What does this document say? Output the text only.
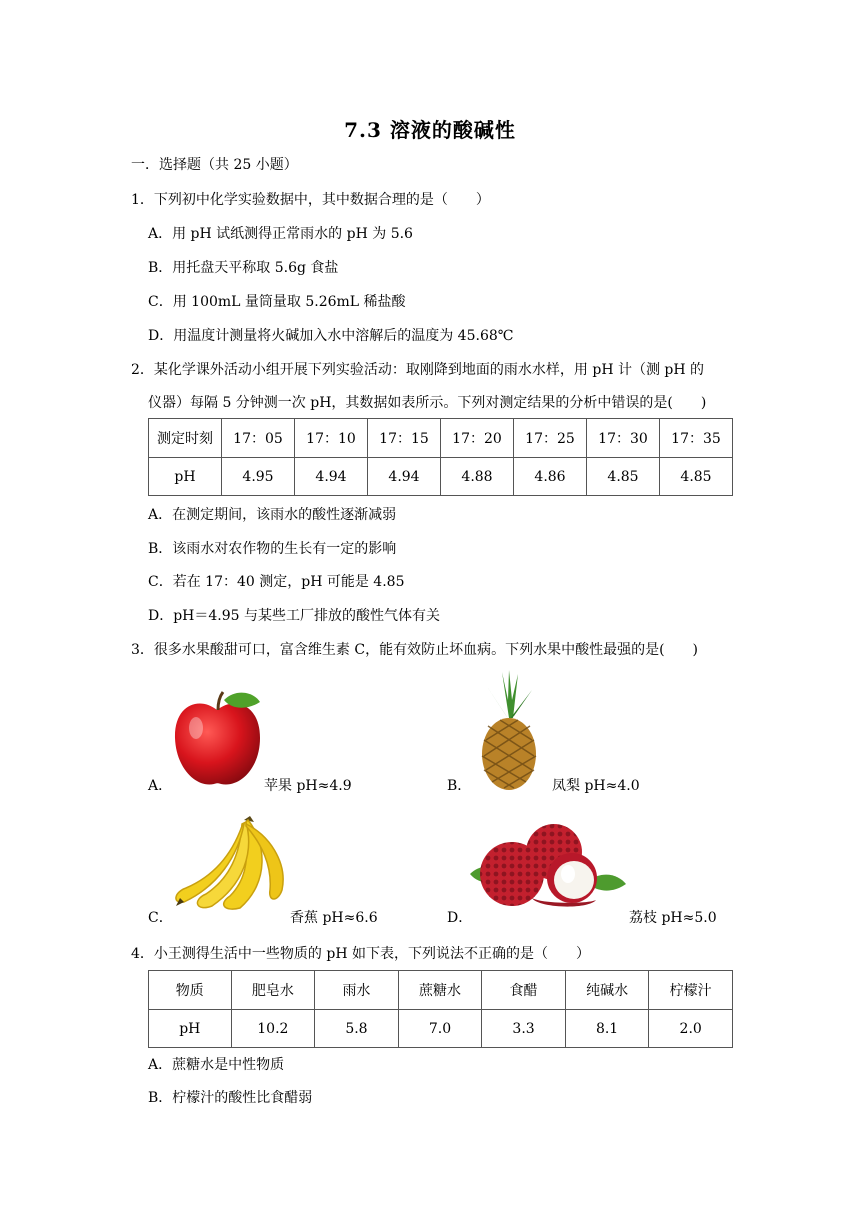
7.3 溶液的酸碱性
一．选择题（共 25 小题）
1．下列初中化学实验数据中，其中数据合理的是（　　）
A．用 pH 试纸测得正常雨水的 pH 为 5.6
B．用托盘天平称取 5.6g 食盐
C．用 100mL 量筒量取 5.26mL 稀盐酸
D．用温度计测量将火碱加入水中溶解后的温度为 45.68℃
2．某化学课外活动小组开展下列实验活动：取刚降到地面的雨水水样，用 pH 计（测 pH 的
仪器）每隔 5 分钟测一次 pH，其数据如表所示。下列对测定结果的分析中错误的是(　　)
测定时刻	17：05	17：10	17：15	17：20	17：25	17：30	17：35
pH	4.95	4.94	4.94	4.88	4.86	4.85	4.85
A．在测定期间，该雨水的酸性逐渐减弱
B．该雨水对农作物的生长有一定的影响
C．若在 17：40 测定，pH 可能是 4.85
D．pH＝4.95 与某些工厂排放的酸性气体有关
3．很多水果酸甜可口，富含维生素 C，能有效防止坏血病。下列水果中酸性最强的是(　　)
A．	苹果 pH≈4.9	B．	凤梨 pH≈4.0
C．	香蕉 pH≈6.6	D．	荔枝 pH≈5.0
4．小王测得生活中一些物质的 pH 如下表，下列说法不正确的是（　　）
物质	肥皂水	雨水	蔗糖水	食醋	纯碱水	柠檬汁
pH	10.2	5.8	7.0	3.3	8.1	2.0
A．蔗糖水是中性物质
B．柠檬汁的酸性比食醋弱
